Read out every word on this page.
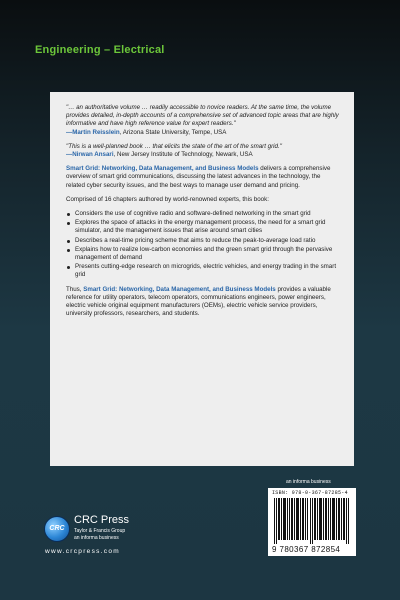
Engineering – Electrical

"… an authoritative volume … readily accessible to novice readers. At the same time, the volume provides detailed, in-depth accounts of a comprehensive set of advanced topic areas that are highly informative and have high reference value for expert readers."

—Martin Reisslein, Arizona State University, Tempe, USA

"This is a well-planned book … that elicits the state of the art of the smart grid."

—Nirwan Ansari, New Jersey Institute of Technology, Newark, USA

Smart Grid: Networking, Data Management, and Business Models delivers a comprehensive overview of smart grid communications, discussing the latest advances in the technology, the related cyber security issues, and the best ways to manage user demand and pricing.

Comprised of 16 chapters authored by world-renowned experts, this book:

Considers the use of cognitive radio and software-defined networking in the smart grid
Explores the space of attacks in the energy management process, the need for a smart grid simulator, and the management issues that arise around smart cities
Describes a real-time pricing scheme that aims to reduce the peak-to-average load ratio
Explains how to realize low-carbon economies and the green smart grid through the pervasive management of demand
Presents cutting-edge research on microgrids, electric vehicles, and energy trading in the smart grid

Thus, Smart Grid: Networking, Data Management, and Business Models provides a valuable reference for utility operators, telecom operators, communications engineers, power engineers, electric vehicle original equipment manufacturers (OEMs), electric vehicle service providers, university professors, researchers, and students.

an informa business
ISBN: 978-0-367-87285-4
9 780367 872854
CRC
CRC Press
Taylor & Francis Group
an informa business
www.crcpress.com
